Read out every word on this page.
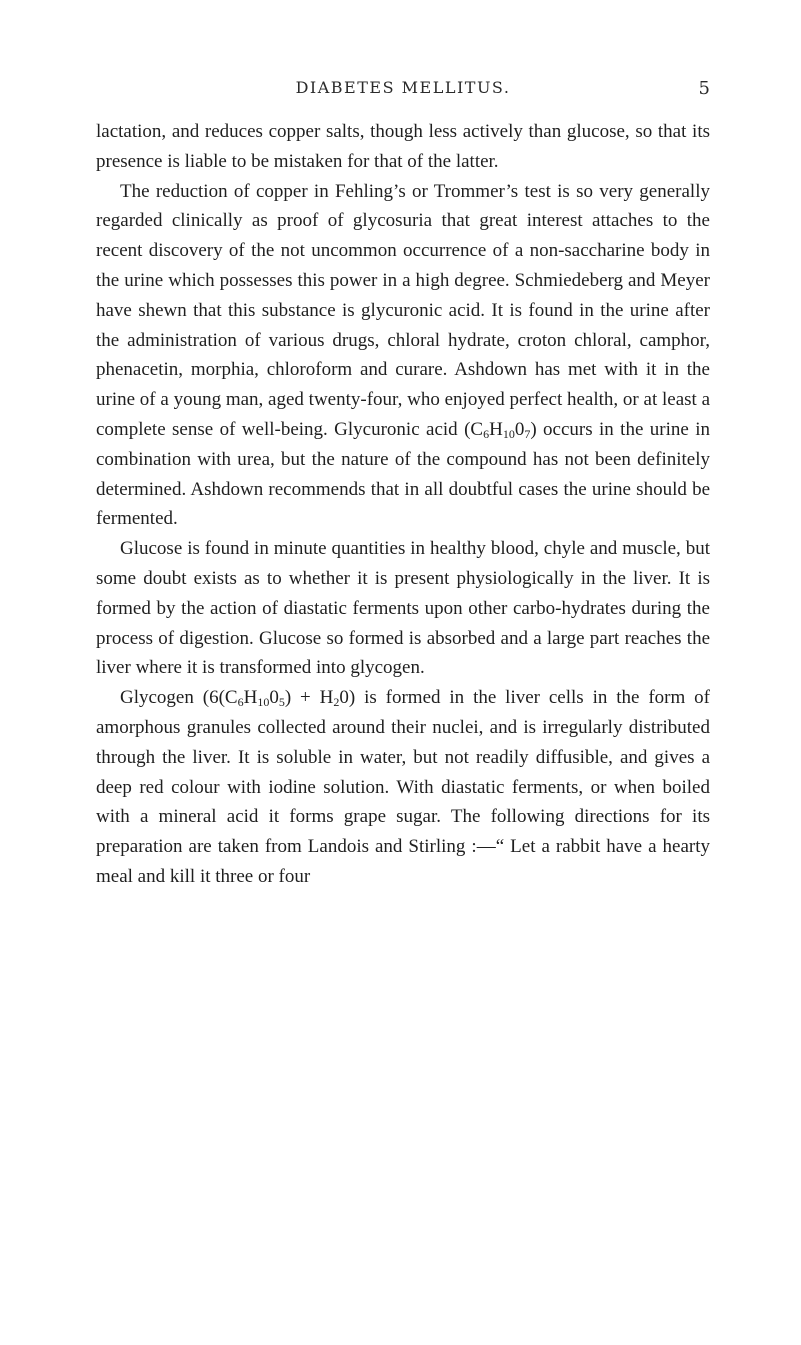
DIABETES MELLITUS.	5

lactation, and reduces copper salts, though less actively than glucose, so that its presence is liable to be mistaken for that of the latter.

The reduction of copper in Fehling’s or Trommer’s test is so very generally regarded clinically as proof of glycosuria that great interest attaches to the recent discovery of the not uncommon occurrence of a non-saccharine body in the urine which possesses this power in a high degree. Schmiedeberg and Meyer have shewn that this substance is glycuronic acid. It is found in the urine after the administration of various drugs, chloral hydrate, croton chloral, camphor, phenacetin, morphia, chloroform and curare. Ashdown has met with it in the urine of a young man, aged twenty-four, who enjoyed perfect health, or at least a complete sense of well-being. Glycuronic acid $(C_6H_{10}0_7)$ occurs in the urine in combination with urea, but the nature of the compound has not been definitely determined. Ashdown recommends that in all doubtful cases the urine should be fermented.

Glucose is found in minute quantities in healthy blood, chyle and muscle, but some doubt exists as to whether it is present physiologically in the liver. It is formed by the action of diastatic ferments upon other carbo-hydrates during the process of digestion. Glucose so formed is absorbed and a large part reaches the liver where it is transformed into glycogen.

Glycogen $(6(C_6H_{10}0_5) + H_20)$ is formed in the liver cells in the form of amorphous granules collected around their nuclei, and is irregularly distributed through the liver. It is soluble in water, but not readily diffusible, and gives a deep red colour with iodine solution. With diastatic ferments, or when boiled with a mineral acid it forms grape sugar. The following directions for its preparation are taken from Landois and Stirling :—“ Let a rabbit have a hearty meal and kill it three or four
